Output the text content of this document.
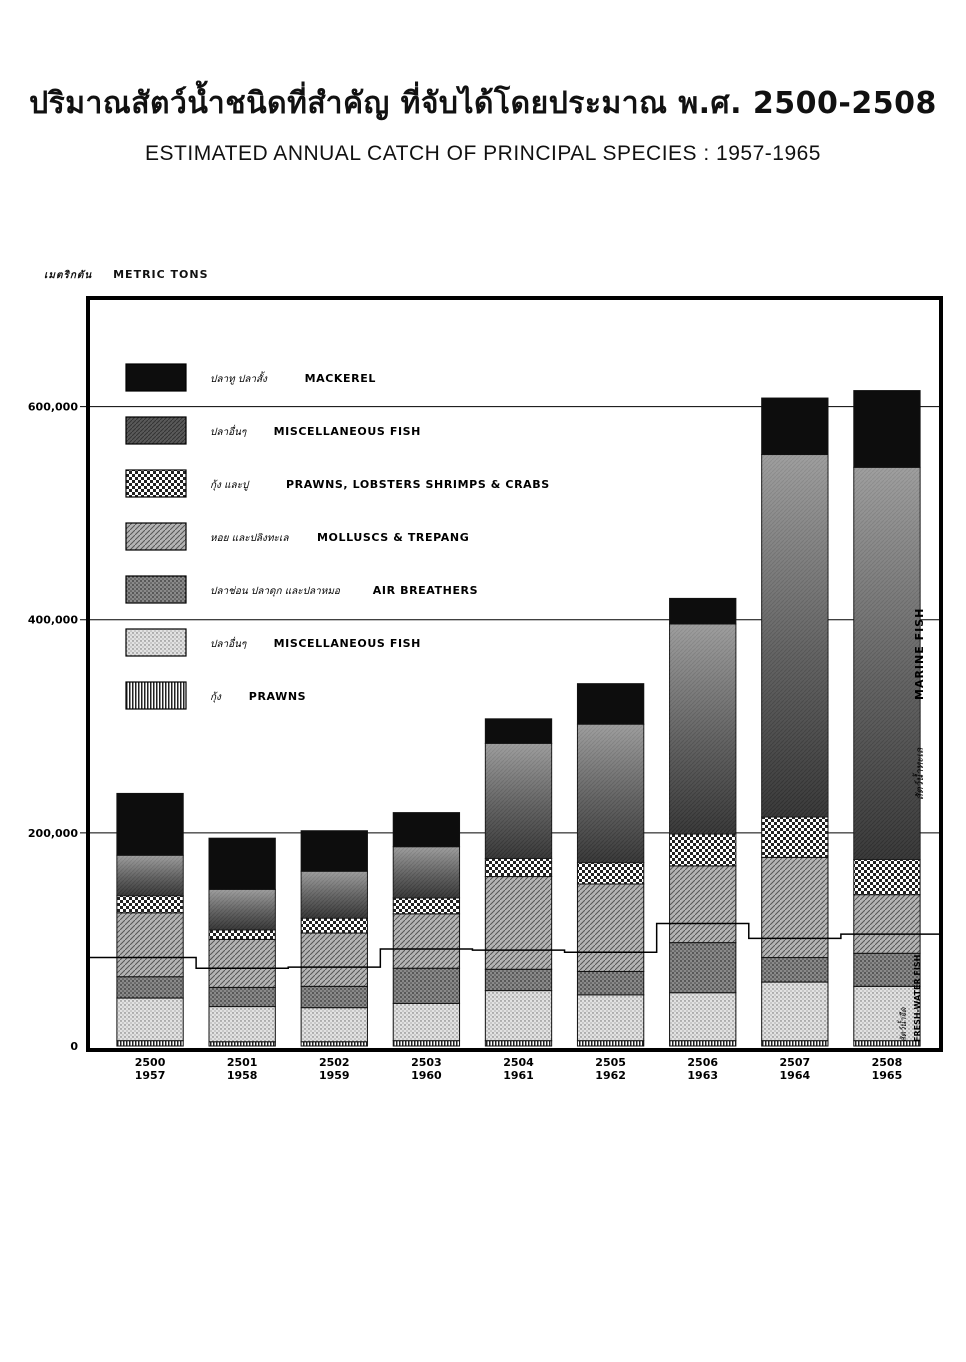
ปริมาณสัตว์น้ำชนิดที่สำคัญ ที่จับได้โดยประมาณ พ.ศ. 2500-2508
ESTIMATED ANNUAL CATCH OF PRINCIPAL SPECIES : 1957-1965
เมตริกตัน METRIC TONS
0
200,000
400,000
600,000
2500
1957
2501
1958
2502
1959
2503
1960
2504
1961
2505
1962
2506
1963
2507
1964
2508
1965
ปลาทู ปลาสั้ง	MACKEREL
ปลาอื่นๆ MISCELLANEOUS FISH
กุ้ง และปู	PRAWNS, LOBSTERS SHRIMPS & CRABS
หอย และปลิงทะเล	MOLLUSCS & TREPANG
ปลาช่อน ปลาดุก และปลาหมอ	AIR BREATHERS
ปลาอื่นๆ MISCELLANEOUS FISH
กุ้ง	PRAWNS	MARINE FISH
สัตว์น้ำทะเล
สัตว์น้ำจืด FRESH-WATER FISH
